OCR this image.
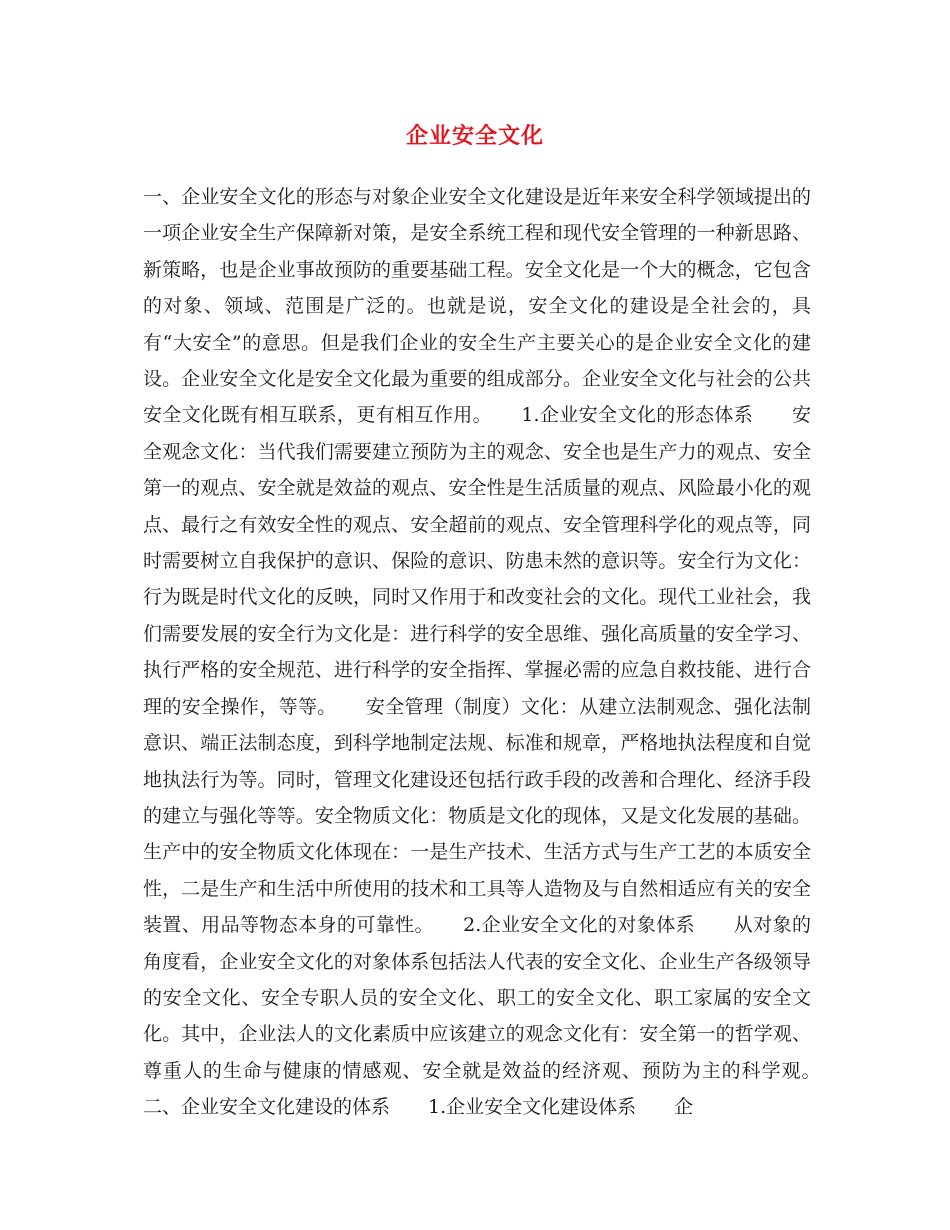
企业安全文化

一、企业安全文化的形态与对象企业安全文化建设是近年来安全科学领域提出的一项企业安全生产保障新对策，是安全系统工程和现代安全管理的一种新思路、新策略，也是企业事故预防的重要基础工程。安全文化是一个大的概念，它包含的对象、领域、范围是广泛的。也就是说，安全文化的建设是全社会的，具有“大安全”的意思。但是我们企业的安全生产主要关心的是企业安全文化的建设。企业安全文化是安全文化最为重要的组成部分。企业安全文化与社会的公共安全文化既有相互联系，更有相互作用。　　1.企业安全文化的形态体系　　安全观念文化：当代我们需要建立预防为主的观念、安全也是生产力的观点、安全第一的观点、安全就是效益的观点、安全性是生活质量的观点、风险最小化的观点、最行之有效安全性的观点、安全超前的观点、安全管理科学化的观点等，同时需要树立自我保护的意识、保险的意识、防患未然的意识等。安全行为文化：行为既是时代文化的反映，同时又作用于和改变社会的文化。现代工业社会，我们需要发展的安全行为文化是：进行科学的安全思维、强化高质量的安全学习、执行严格的安全规范、进行科学的安全指挥、掌握必需的应急自救技能、进行合理的安全操作，等等。　　安全管理（制度）文化：从建立法制观念、强化法制意识、端正法制态度，到科学地制定法规、标准和规章，严格地执法程度和自觉地执法行为等。同时，管理文化建设还包括行政手段的改善和合理化、经济手段的建立与强化等等。安全物质文化：物质是文化的现体，又是文化发展的基础。生产中的安全物质文化体现在：一是生产技术、生活方式与生产工艺的本质安全性，二是生产和生活中所使用的技术和工具等人造物及与自然相适应有关的安全装置、用品等物态本身的可靠性。　　2.企业安全文化的对象体系　　从对象的角度看，企业安全文化的对象体系包括法人代表的安全文化、企业生产各级领导的安全文化、安全专职人员的安全文化、职工的安全文化、职工家属的安全文化。其中，企业法人的文化素质中应该建立的观念文化有：安全第一的哲学观、尊重人的生命与健康的情感观、安全就是效益的经济观、预防为主的科学观。　　二、企业安全文化建设的体系　　1.企业安全文化建设体系　　企
